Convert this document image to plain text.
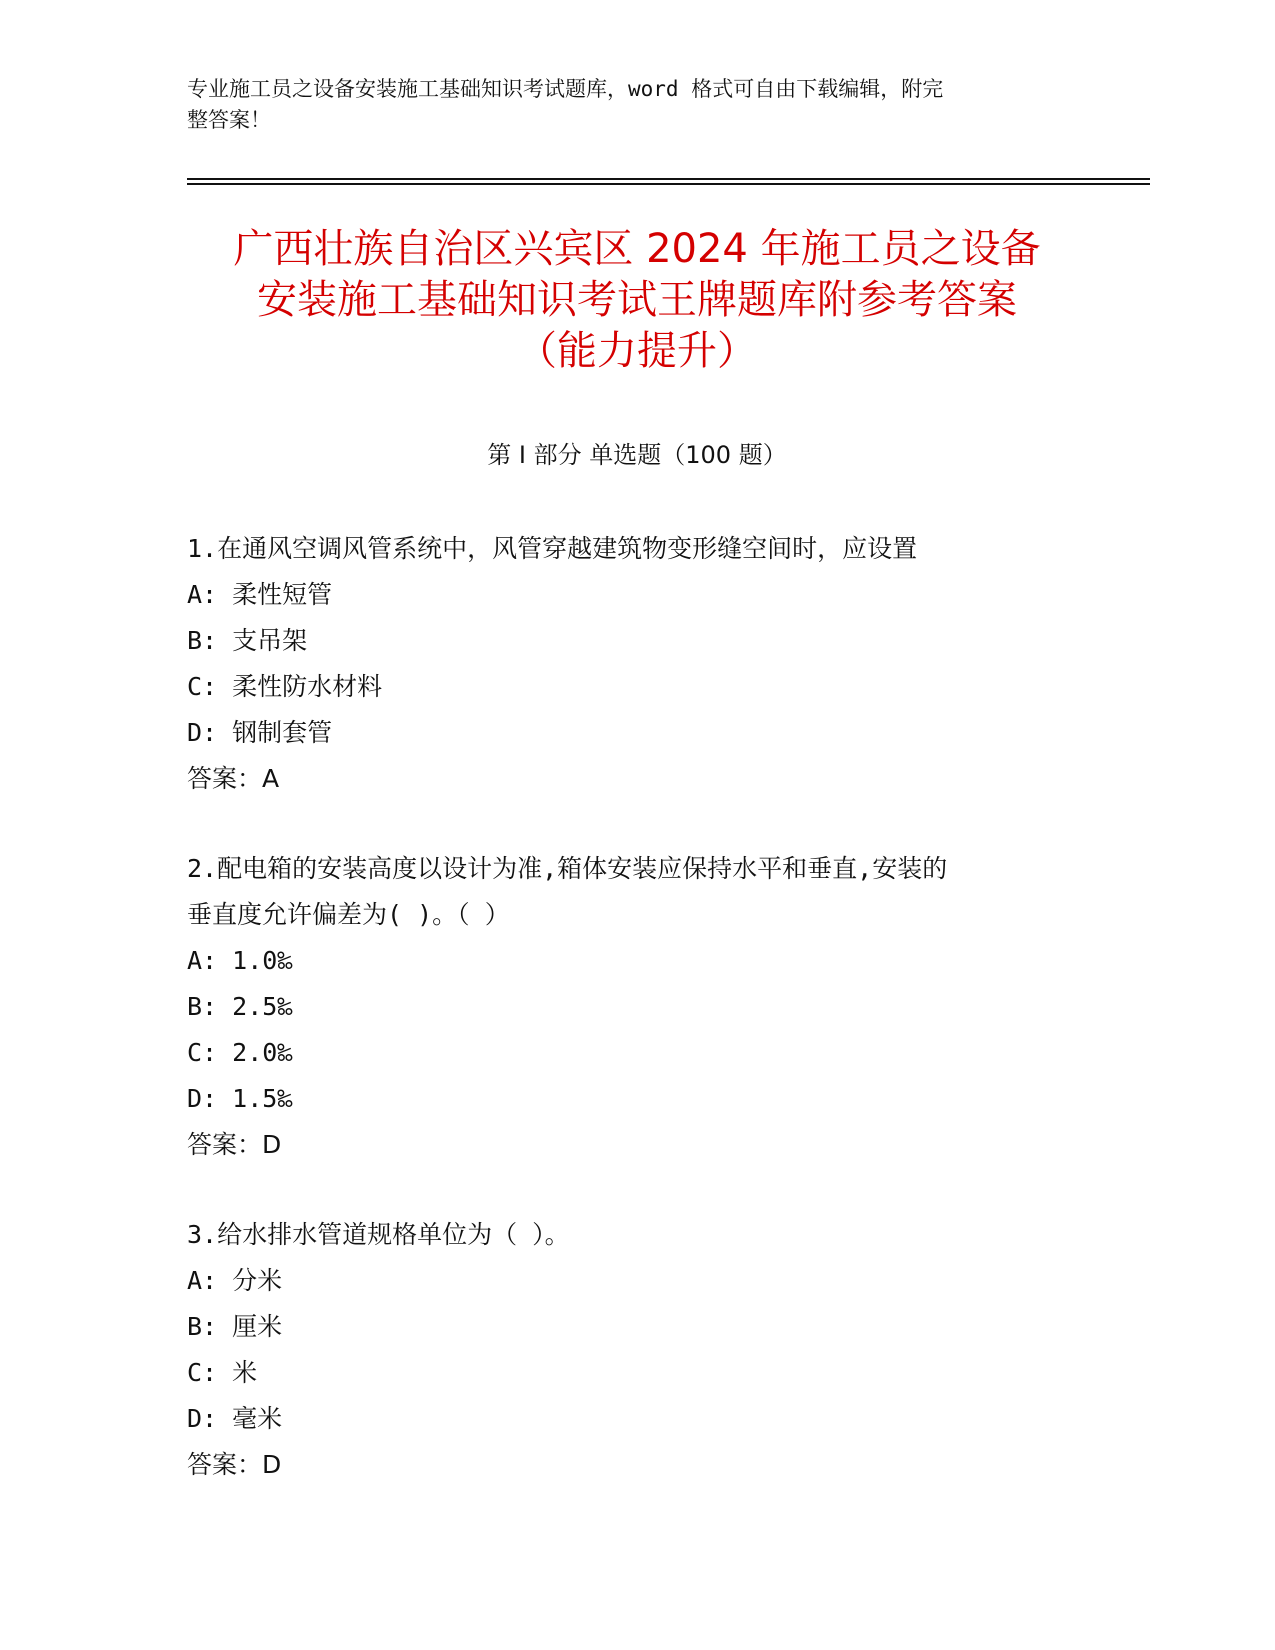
专业施工员之设备安装施工基础知识考试题库，word 格式可自由下载编辑，附完
整答案！
广西壮族自治区兴宾区 2024 年施工员之设备
安装施工基础知识考试王牌题库附参考答案
（能力提升）
第 I 部分 单选题（100 题）
1.在通风空调风管系统中，风管穿越建筑物变形缝空间时，应设置
A: 柔性短管
B: 支吊架
C: 柔性防水材料
D: 钢制套管
答案：A
2.配电箱的安装高度以设计为准,箱体安装应保持水平和垂直,安装的
垂直度允许偏差为( )。（ ）
A: 1.0‰
B: 2.5‰
C: 2.0‰
D: 1.5‰
答案：D
3.给水排水管道规格单位为（ ）。
A: 分米
B: 厘米
C: 米
D: 毫米
答案：D
